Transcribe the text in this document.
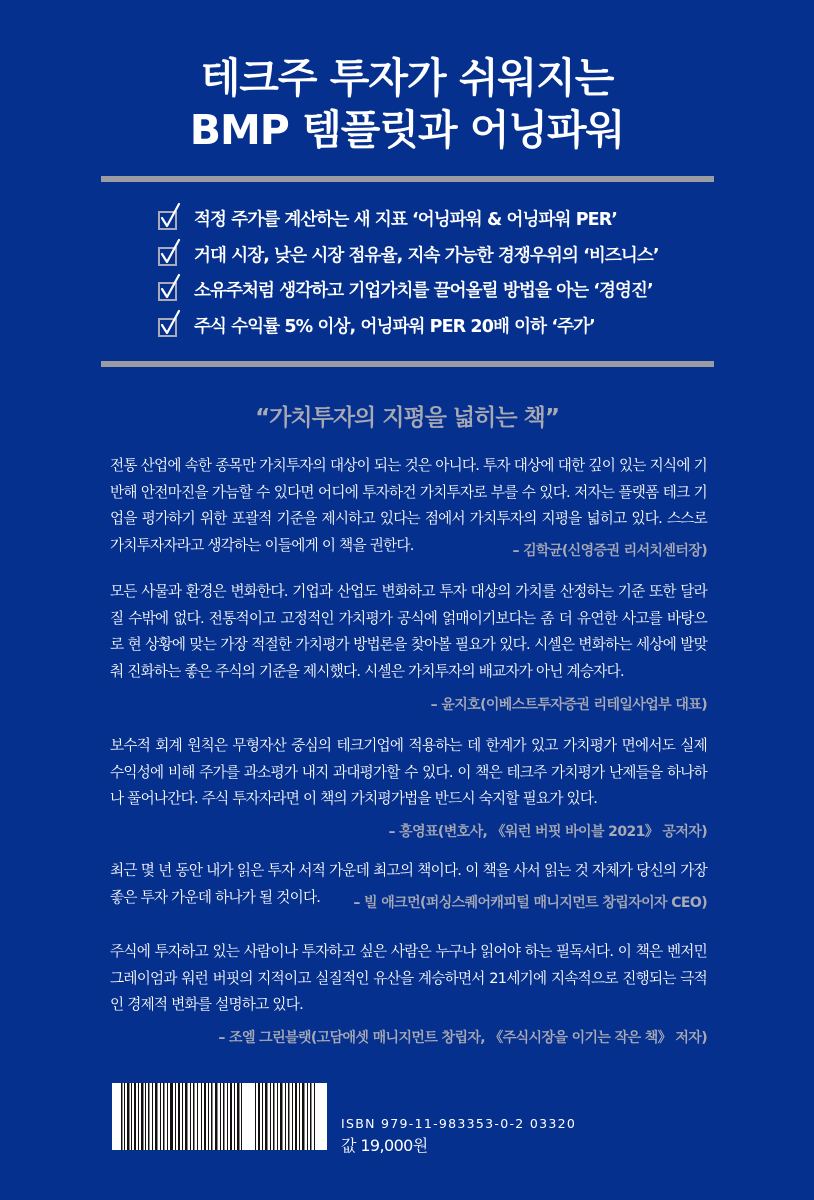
테크주 투자가 쉬워지는
BMP 템플릿과 어닝파워
적정 주가를 계산하는 새 지표 ‘어닝파워 & 어닝파워 PER’
거대 시장, 낮은 시장 점유율, 지속 가능한 경쟁우위의 ‘비즈니스’
소유주처럼 생각하고 기업가치를 끌어올릴 방법을 아는 ‘경영진’
주식 수익률 5% 이상, 어닝파워 PER 20배 이하 ‘주가’
“가치투자의 지평을 넓히는 책”

전통 산업에 속한 종목만 가치투자의 대상이 되는 것은 아니다. 투자 대상에 대한 깊이 있는 지식에 기반해 안전마진을 가늠할 수 있다면 어디에 투자하건 가치투자로 부를 수 있다. 저자는 플랫폼 테크 기업을 평가하기 위한 포괄적 기준을 제시하고 있다는 점에서 가치투자의 지평을 넓히고 있다. 스스로 가치투자자라고 생각하는 이들에게 이 책을 권한다.	– 김학균(신영증권 리서치센터장)

모든 사물과 환경은 변화한다. 기업과 산업도 변화하고 투자 대상의 가치를 산정하는 기준 또한 달라질 수밖에 없다. 전통적이고 고정적인 가치평가 공식에 얽매이기보다는 좀 더 유연한 사고를 바탕으로 현 상황에 맞는 가장 적절한 가치평가 방법론을 찾아볼 필요가 있다. 시셀은 변화하는 세상에 발맞춰 진화하는 좋은 주식의 기준을 제시했다. 시셀은 가치투자의 배교자가 아닌 계승자다.

– 윤지호(이베스트투자증권 리테일사업부 대표)

보수적 회계 원칙은 무형자산 중심의 테크기업에 적용하는 데 한계가 있고 가치평가 면에서도 실제 수익성에 비해 주가를 과소평가 내지 과대평가할 수 있다. 이 책은 테크주 가치평가 난제들을 하나하나 풀어나간다. 주식 투자자라면 이 책의 가치평가법을 반드시 숙지할 필요가 있다.

– 홍영표(변호사, 《워런 버핏 바이블 2021》 공저자)

최근 몇 년 동안 내가 읽은 투자 서적 가운데 최고의 책이다. 이 책을 사서 읽는 것 자체가 당신의 가장 좋은 투자 가운데 하나가 될 것이다. – 빌 애크먼(퍼싱스퀘어캐피털 매니지먼트 창립자이자 CEO)

주식에 투자하고 있는 사람이나 투자하고 싶은 사람은 누구나 읽어야 하는 필독서다. 이 책은 벤저민 그레이엄과 워런 버핏의 지적이고 실질적인 유산을 계승하면서 21세기에 지속적으로 진행되는 극적인 경제적 변화를 설명하고 있다.

– 조엘 그린블랫(고담애셋 매니지먼트 창립자, 《주식시장을 이기는 작은 책》 저자)
ISBN 979-11-983353-0-2 03320
값 19,000원
